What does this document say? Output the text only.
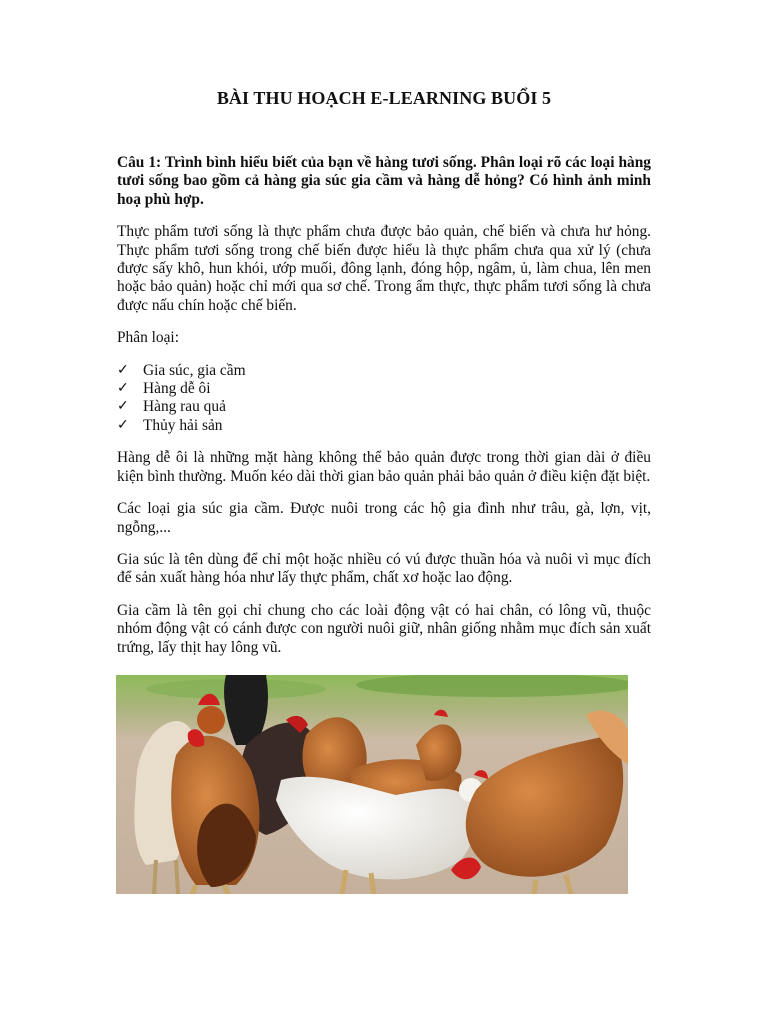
BÀI THU HOẠCH E-LEARNING BUỔI 5

Câu 1: Trình bình hiểu biết của bạn về hàng tươi sống. Phân loại rõ các loại hàng tươi sống bao gồm cả hàng gia súc gia cầm và hàng dễ hỏng? Có hình ảnh minh hoạ phù hợp.

Thực phẩm tươi sống là thực phẩm chưa được bảo quản, chế biến và chưa hư hỏng. Thực phẩm tươi sống trong chế biến được hiểu là thực phẩm chưa qua xử lý (chưa được sấy khô, hun khói, ướp muối, đông lạnh, đóng hộp, ngâm, ủ, làm chua, lên men hoặc bảo quản) hoặc chỉ mới qua sơ chế. Trong ẩm thực, thực phẩm tươi sống là chưa được nấu chín hoặc chế biến.

Phân loại:

✓ Gia súc, gia cầm
✓ Hàng dễ ôi
✓ Hàng rau quả
✓ Thủy hải sản

Hàng dễ ôi là những mặt hàng không thể bảo quản được trong thời gian dài ở điều kiện bình thường. Muốn kéo dài thời gian bảo quản phải bảo quản ở điều kiện đặt biệt.

Các loại gia súc gia cầm. Được nuôi trong các hộ gia đình như trâu, gà, lợn, vịt, ngỗng,...

Gia súc là tên dùng để chỉ một hoặc nhiều có vú được thuần hóa và nuôi vì mục đích để sản xuất hàng hóa như lấy thực phẩm, chất xơ hoặc lao động.

Gia cầm là tên gọi chỉ chung cho các loài động vật có hai chân, có lông vũ, thuộc nhóm động vật có cánh được con người nuôi giữ, nhân giống nhằm mục đích sản xuất trứng, lấy thịt hay lông vũ.
